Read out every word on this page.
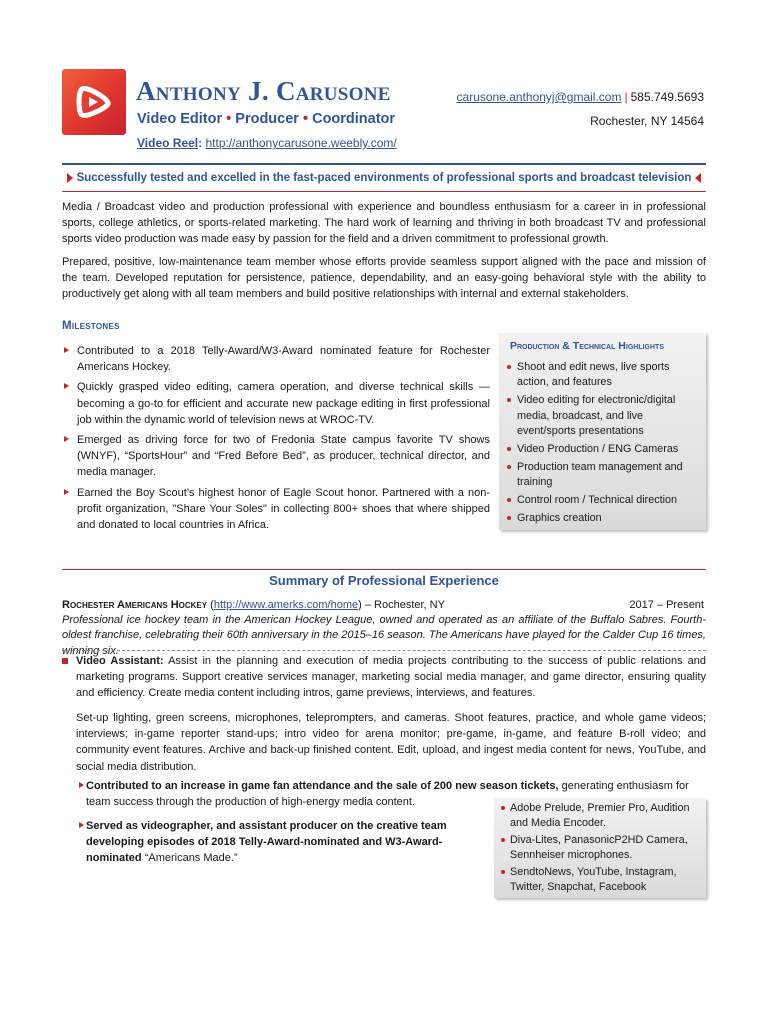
Anthony J. Carusone
Video Editor • Producer • Coordinator
Video Reel: http://anthonycarusone.weebly.com/
carusone.anthonyj@gmail.com | 585.749.5693
Rochester, NY 14564
Successfully tested and excelled in the fast-paced environments of professional sports and broadcast television
Media / Broadcast video and production professional with experience and boundless enthusiasm for a career in in professional sports, college athletics, or sports-related marketing. The hard work of learning and thriving in both broadcast TV and professional sports video production was made easy by passion for the field and a driven commitment to professional growth.
Prepared, positive, low-maintenance team member whose efforts provide seamless support aligned with the pace and mission of the team. Developed reputation for persistence, patience, dependability, and an easy-going behavioral style with the ability to productively get along with all team members and build positive relationships with internal and external stakeholders.
Milestones
Contributed to a 2018 Telly-Award/W3-Award nominated feature for Rochester Americans Hockey.
Quickly grasped video editing, camera operation, and diverse technical skills — becoming a go-to for efficient and accurate new package editing in first professional job within the dynamic world of television news at WROC-TV.
Emerged as driving force for two of Fredonia State campus favorite TV shows (WNYF), “SportsHour” and “Fred Before Bed”, as producer, technical director, and media manager.
Earned the Boy Scout’s highest honor of Eagle Scout honor. Partnered with a non-profit organization, "Share Your Soles" in collecting 800+ shoes that where shipped and donated to local countries in Africa.
Production & Technical Highlights
Shoot and edit news, live sports action, and features
Video editing for electronic/digital media, broadcast, and live event/sports presentations
Video Production / ENG Cameras
Production team management and training
Control room / Technical direction
Graphics creation
Summary of Professional Experience
Rochester Americans Hockey (http://www.amerks.com/home) – Rochester, NY	2017 – Present
Professional ice hockey team in the American Hockey League, owned and operated as an affiliate of the Buffalo Sabres. Fourth-oldest franchise, celebrating their 60th anniversary in the 2015–16 season. The Americans have played for the Calder Cup 16 times, winning six.
Video Assistant: Assist in the planning and execution of media projects contributing to the success of public relations and marketing programs. Support creative services manager, marketing social media manager, and game director, ensuring quality and efficiency. Create media content including intros, game previews, interviews, and features.
Set-up lighting, green screens, microphones, teleprompters, and cameras. Shoot features, practice, and whole game videos; interviews; in-game reporter stand-ups; intro video for arena monitor; pre-game, in-game, and feature B-roll video; and community event features. Archive and back-up finished content. Edit, upload, and ingest media content for news, YouTube, and social media distribution.
Contributed to an increase in game fan attendance and the sale of 200 new season tickets, generating enthusiasm for team success through the production of high-energy media content.
Served as videographer, and assistant producer on the creative team developing episodes of 2018 Telly-Award-nominated and W3-Award-nominated “Americans Made.”
Adobe Prelude, Premier Pro, Audition and Media Encoder.
Diva-Lites, PanasonicP2HD Camera, Sennheiser microphones.
SendtoNews, YouTube, Instagram, Twitter, Snapchat, Facebook
